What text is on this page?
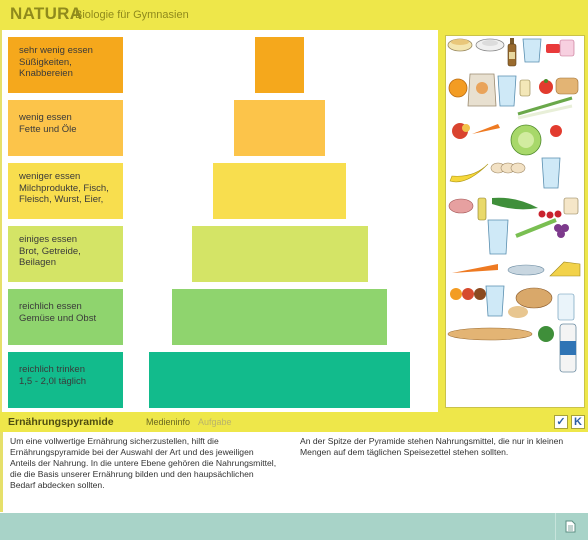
NATURA
Biologie für Gymnasien
sehr wenig essen
Süßigkeiten,
Knabbereien
wenig essen
Fette und Öle
weniger essen
Milchprodukte, Fisch,
Fleisch, Wurst, Eier,
einiges essen
Brot, Getreide,
Beilagen
reichlich essen
Gemüse und Obst
reichlich trinken
1,5 - 2,0l täglich
Ernährungspyramide	Medieninfo Aufgabe	✓ K
Um eine vollwertige Ernährung sicherzustellen, hilft die
Ernährungspyramide bei der Auswahl der Art und des jeweiligen
Anteils der Nahrung. In die untere Ebene gehören die Nahrungsmittel,
die die Basis unserer Ernährung bilden und den haupsächlichen
Bedarf abdecken sollten.
An der Spitze der Pyramide stehen Nahrungsmittel, die nur in kleinen
Mengen auf dem täglichen Speisezettel stehen sollten.
